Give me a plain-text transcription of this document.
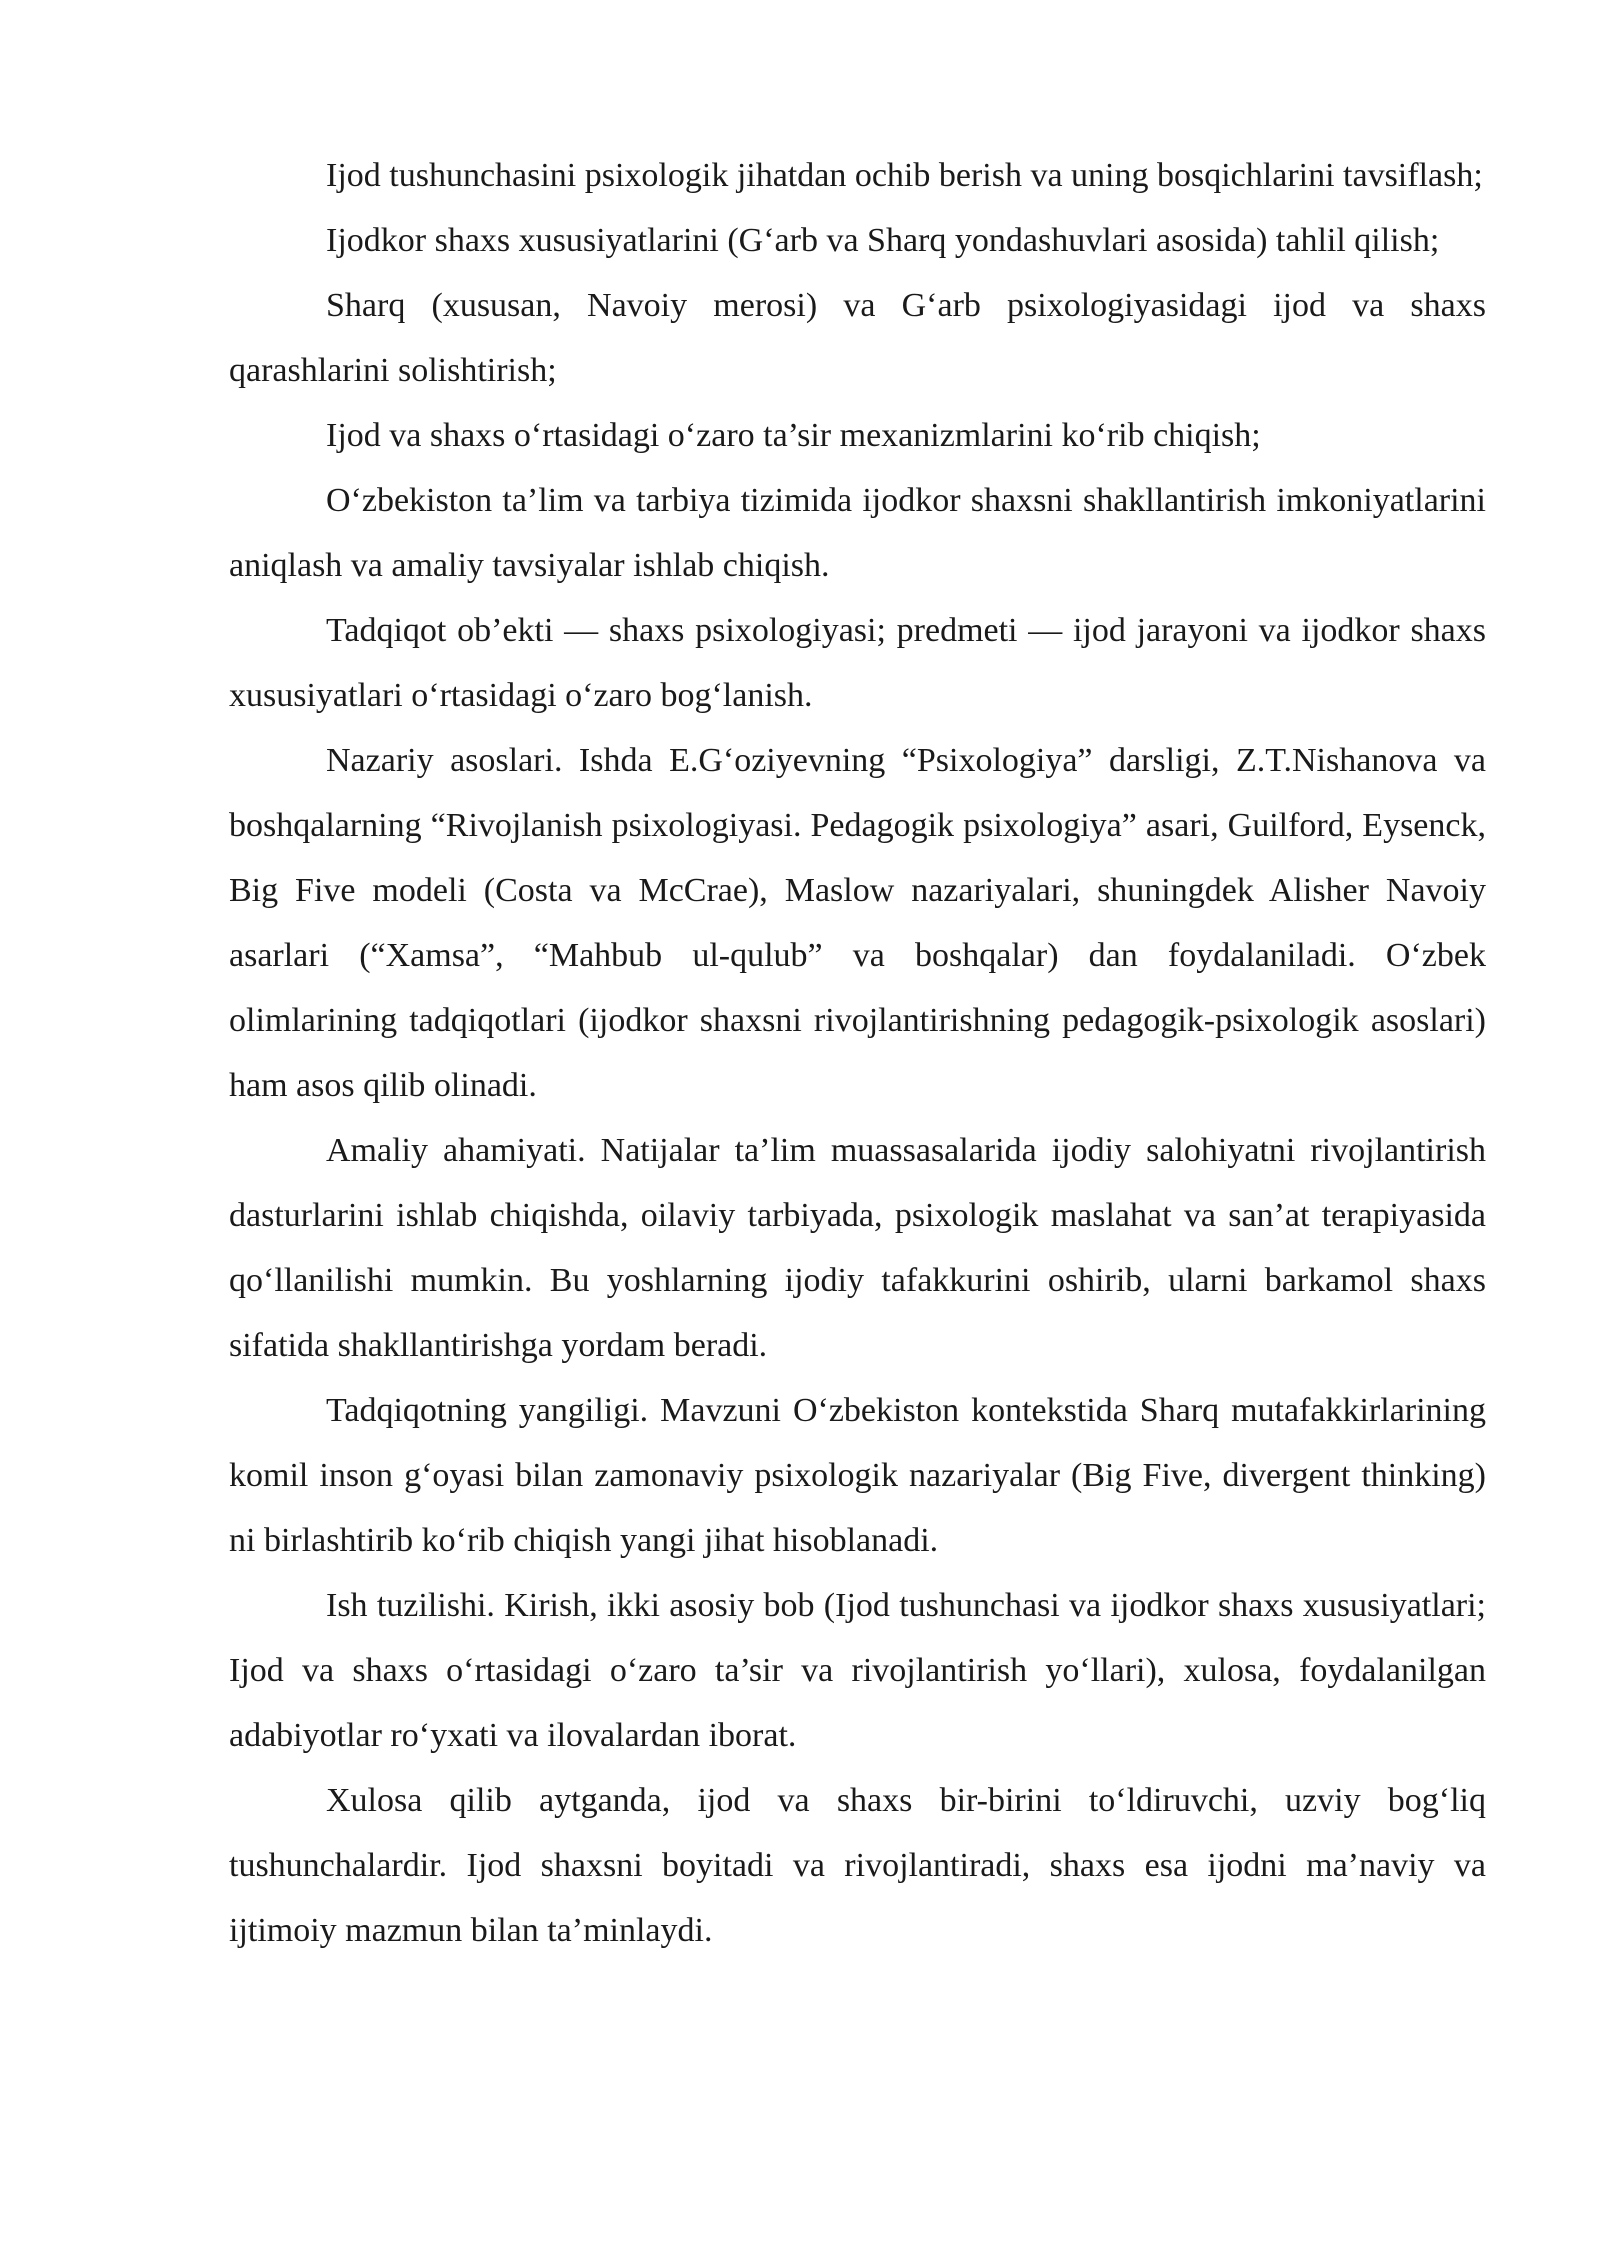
Ijod tushunchasini psixologik jihatdan ochib berish va uning bosqichlarini tavsiflash;

Ijodkor shaxs xususiyatlarini (G‘arb va Sharq yondashuvlari asosida) tahlil qilish;

Sharq (xususan, Navoiy merosi) va G‘arb psixologiyasidagi ijod va shaxs qarashlarini solishtirish;

Ijod va shaxs o‘rtasidagi o‘zaro ta’sir mexanizmlarini ko‘rib chiqish;

O‘zbekiston ta’lim va tarbiya tizimida ijodkor shaxsni shakllantirish imkoniyatlarini aniqlash va amaliy tavsiyalar ishlab chiqish.

Tadqiqot ob’ekti — shaxs psixologiyasi; predmeti — ijod jarayoni va ijodkor shaxs xususiyatlari o‘rtasidagi o‘zaro bog‘lanish.

Nazariy asoslari. Ishda E.G‘oziyevning “Psixologiya” darsligi, Z.T.Nishanova va boshqalarning “Rivojlanish psixologiyasi. Pedagogik psixologiya” asari, Guilford, Eysenck, Big Five modeli (Costa va McCrae), Maslow nazariyalari, shuningdek Alisher Navoiy asarlari (“Xamsa”, “Mahbub ul-qulub” va boshqalar) dan foydalaniladi. O‘zbek olimlarining tadqiqotlari (ijodkor shaxsni rivojlantirishning pedagogik-psixologik asoslari) ham asos qilib olinadi.

Amaliy ahamiyati. Natijalar ta’lim muassasalarida ijodiy salohiyatni rivojlantirish dasturlarini ishlab chiqishda, oilaviy tarbiyada, psixologik maslahat va san’at terapiyasida qo‘llanilishi mumkin. Bu yoshlarning ijodiy tafakkurini oshirib, ularni barkamol shaxs sifatida shakllantirishga yordam beradi.

Tadqiqotning yangiligi. Mavzuni O‘zbekiston kontekstida Sharq mutafakkirlarining komil inson g‘oyasi bilan zamonaviy psixologik nazariyalar (Big Five, divergent thinking) ni birlashtirib ko‘rib chiqish yangi jihat hisoblanadi.

Ish tuzilishi. Kirish, ikki asosiy bob (Ijod tushunchasi va ijodkor shaxs xususiyatlari; Ijod va shaxs o‘rtasidagi o‘zaro ta’sir va rivojlantirish yo‘llari), xulosa, foydalanilgan adabiyotlar ro‘yxati va ilovalardan iborat.

Xulosa qilib aytganda, ijod va shaxs bir-birini to‘ldiruvchi, uzviy bog‘liq tushunchalardir. Ijod shaxsni boyitadi va rivojlantiradi, shaxs esa ijodni ma’naviy va ijtimoiy mazmun bilan ta’minlaydi.
